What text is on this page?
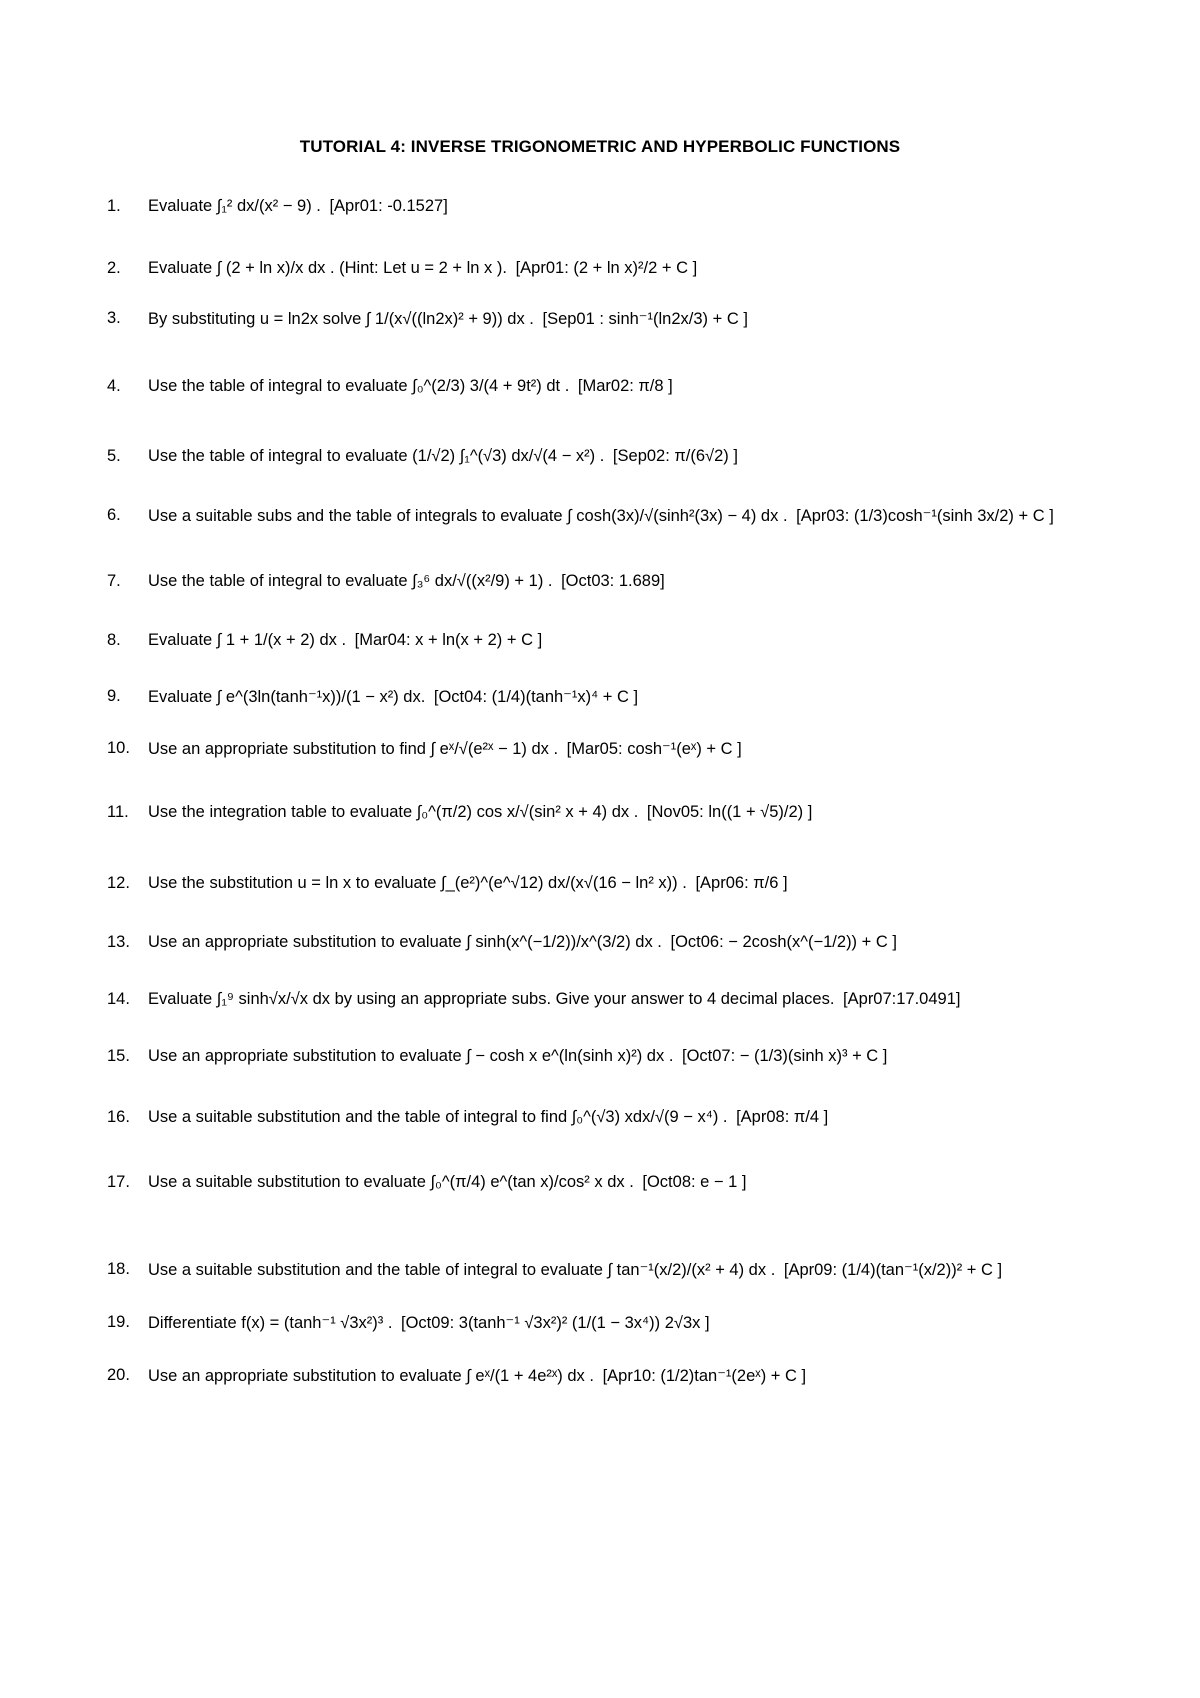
TUTORIAL 4: INVERSE TRIGONOMETRIC AND HYPERBOLIC FUNCTIONS
1. Evaluate ∫₁² dx/(x² − 9) . [Apr01: -0.1527]
2. Evaluate ∫ (2 + ln x)/x dx . (Hint: Let u = 2 + ln x ). [Apr01: (2 + ln x)²/2 + C ]
3. By substituting u = ln2x solve ∫ 1/(x√((ln2x)² + 9)) dx . [Sep01 : sinh⁻¹(ln2x/3) + C ]
4. Use the table of integral to evaluate ∫₀^(2/3) 3/(4 + 9t²) dt . [Mar02: π/8 ]
5. Use the table of integral to evaluate (1/√2) ∫₁^(√3) dx/√(4 − x²) . [Sep02: π/(6√2) ]
6. Use a suitable subs and the table of integrals to evaluate ∫ cosh(3x)/√(sinh²(3x) − 4) dx . [Apr03: (1/3)cosh⁻¹(sinh 3x/2) + C ]
7. Use the table of integral to evaluate ∫₃⁶ dx/√((x²/9) + 1) . [Oct03: 1.689]
8. Evaluate ∫ 1 + 1/(x + 2) dx . [Mar04: x + ln(x + 2) + C ]
9. Evaluate ∫ e^(3ln(tanh⁻¹x))/(1 − x²) dx. [Oct04: (1/4)(tanh⁻¹x)⁴ + C ]
10. Use an appropriate substitution to find ∫ eˣ/√(e²ˣ − 1) dx . [Mar05: cosh⁻¹(eˣ) + C ]
11. Use the integration table to evaluate ∫₀^(π/2) cos x/√(sin² x + 4) dx . [Nov05: ln((1 + √5)/2) ]
12. Use the substitution u = ln x to evaluate ∫_(e²)^(e^√12) dx/(x√(16 − ln² x)) . [Apr06: π/6 ]
13. Use an appropriate substitution to evaluate ∫ sinh(x^(−1/2))/x^(3/2) dx . [Oct06: − 2cosh(x^(−1/2)) + C ]
14. Evaluate ∫₁⁹ sinh√x/√x dx by using an appropriate subs. Give your answer to 4 decimal places. [Apr07:17.0491]
15. Use an appropriate substitution to evaluate ∫ − cosh x e^(ln(sinh x)²) dx . [Oct07: − (1/3)(sinh x)³ + C ]
16. Use a suitable substitution and the table of integral to find ∫₀^(√3) xdx/√(9 − x⁴) . [Apr08: π/4 ]
17. Use a suitable substitution to evaluate ∫₀^(π/4) e^(tan x)/cos² x dx . [Oct08: e − 1 ]
18. Use a suitable substitution and the table of integral to evaluate ∫ tan⁻¹(x/2)/(x² + 4) dx . [Apr09: (1/4)(tan⁻¹(x/2))² + C ]
19. Differentiate f(x) = (tanh⁻¹ √3x²)³ . [Oct09: 3(tanh⁻¹ √3x²)² (1/(1 − 3x⁴)) 2√3x ]
20. Use an appropriate substitution to evaluate ∫ eˣ/(1 + 4e²ˣ) dx . [Apr10: (1/2)tan⁻¹(2eˣ) + C ]
